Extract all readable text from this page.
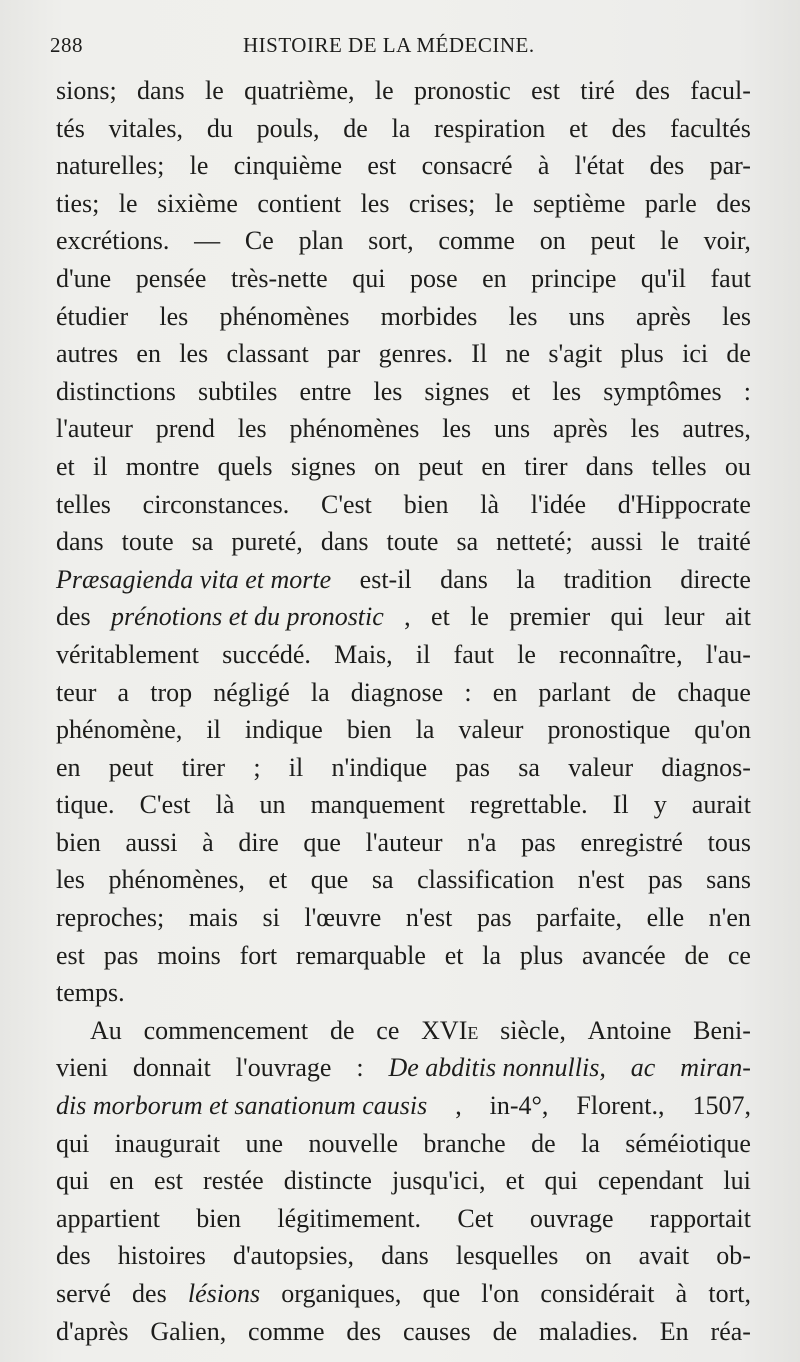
288	HISTOIRE DE LA MÉDECINE.
sions; dans le quatrième, le pronostic est tiré des facul-
tés vitales, du pouls, de la respiration et des facultés
naturelles; le cinquième est consacré à l'état des par-
ties; le sixième contient les crises; le septième parle des
excrétions. — Ce plan sort, comme on peut le voir,
d'une pensée très-nette qui pose en principe qu'il faut
étudier les phénomènes morbides les uns après les
autres en les classant par genres. Il ne s'agit plus ici de
distinctions subtiles entre les signes et les symptômes :
l'auteur prend les phénomènes les uns après les autres,
et il montre quels signes on peut en tirer dans telles ou
telles circonstances. C'est bien là l'idée d'Hippocrate
dans toute sa pureté, dans toute sa netteté; aussi le traité
Præsagienda vita et morte est-il dans la tradition directe
des prénotions et du pronostic , et le premier qui leur ait
véritablement succédé. Mais, il faut le reconnaître, l'au-
teur a trop négligé la diagnose : en parlant de chaque
phénomène, il indique bien la valeur pronostique qu'on
en peut tirer ; il n'indique pas sa valeur diagnos-
tique. C'est là un manquement regrettable. Il y aurait
bien aussi à dire que l'auteur n'a pas enregistré tous
les phénomènes, et que sa classification n'est pas sans
reproches; mais si l'œuvre n'est pas parfaite, elle n'en
est pas moins fort remarquable et la plus avancée de ce
temps.
Au commencement de ce XVIe siècle, Antoine Beni-
vieni donnait l'ouvrage : De abditis nonnullis, ac miran-
dis morborum et sanationum causis , in-4°, Florent., 1507,
qui inaugurait une nouvelle branche de la séméiotique
qui en est restée distincte jusqu'ici, et qui cependant lui
appartient bien légitimement. Cet ouvrage rapportait
des histoires d'autopsies, dans lesquelles on avait ob-
servé des lésions organiques, que l'on considérait à tort,
d'après Galien, comme des causes de maladies. En réa-
